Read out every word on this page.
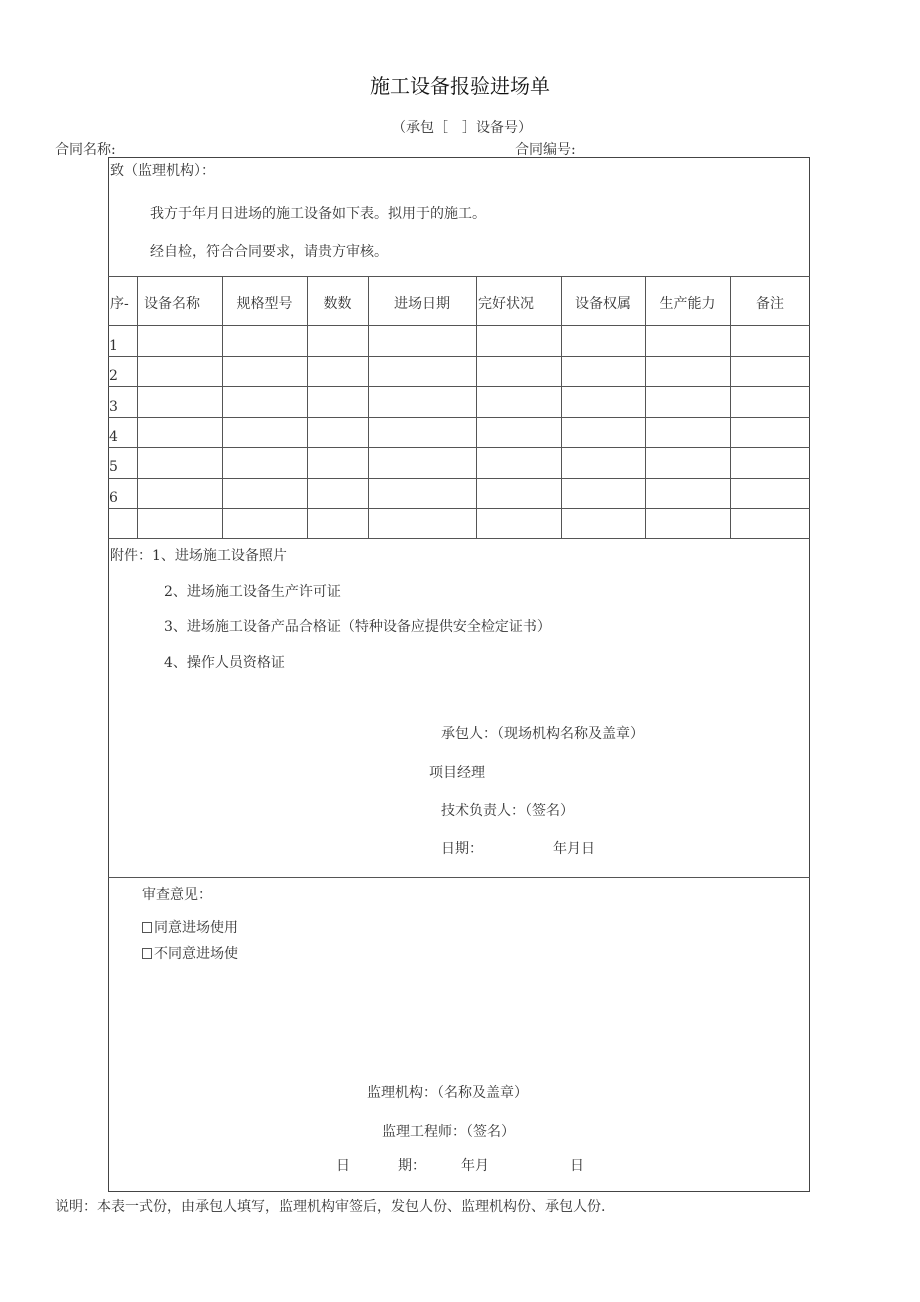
施工设备报验进场单
（承包［　］设备号）
合同名称:	合同编号:
致（监理机构）：
我方于年月日进场的施工设备如下表。拟用于的施工。
经自检，符合合同要求，请贵方审核。
序-	设备名称	规格型号	数数	进场日期	完好状况	设备权属	生产能力	备注
1
2
3
4
5
6
附件：1、进场施工设备照片
2、进场施工设备生产许可证
3、进场施工设备产品合格证（特种设备应提供安全检定证书）
4、操作人员资格证
承包人：（现场机构名称及盖章）
项目经理
技术负责人：（签名）
日期：	年月日
审查意见：
同意进场使用
不同意进场使
监理机构：（名称及盖章）
监理工程师：（签名）
日	期：	年月	日
说明：本表一式份，由承包人填写，监理机构审签后，发包人份、监理机构份、承包人份.
